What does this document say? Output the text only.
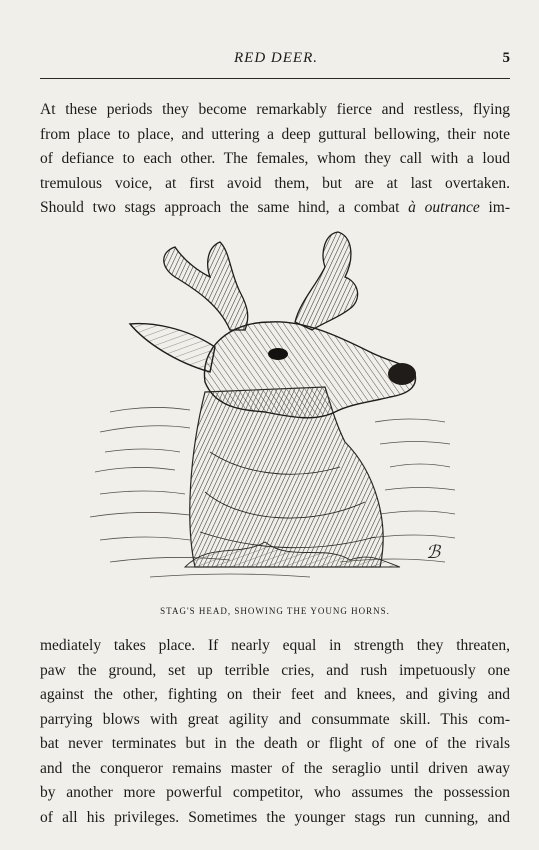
RED DEER.	5
At these periods they become remarkably fierce and restless, flying
from place to place, and uttering a deep guttural bellowing, their note
of defiance to each other. The females, whom they call with a loud
tremulous voice, at first avoid them, but are at last overtaken.
Should two stags approach the same hind, a combat à outrance im-
ℬ
STAG'S HEAD, SHOWING THE YOUNG HORNS.
mediately takes place. If nearly equal in strength they threaten,
paw the ground, set up terrible cries, and rush impetuously one
against the other, fighting on their feet and knees, and giving and
parrying blows with great agility and consummate skill. This com-
bat never terminates but in the death or flight of one of the rivals
and the conqueror remains master of the seraglio until driven away
by another more powerful competitor, who assumes the possession
of all his privileges. Sometimes the younger stags run cunning, and
